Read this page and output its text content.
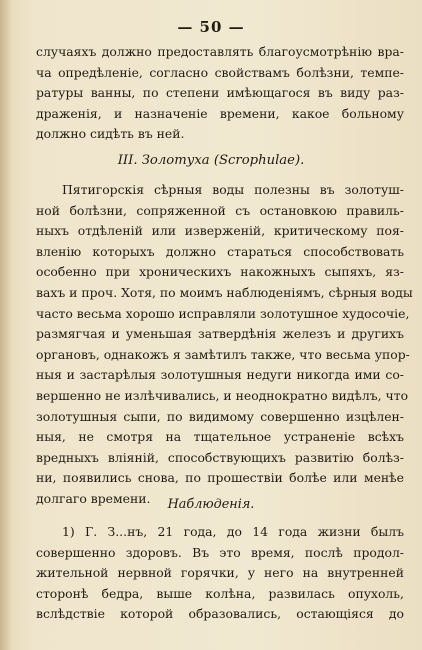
— 50 —
случаяхъ должно предоставлять благоусмотрѣнію вра-
ча опредѣленіе, согласно свойствамъ болѣзни, темпе-
ратуры ванны, по степени имѣющагося въ виду раз-
драженія, и назначеніе времени, какое больному
должно сидѣть въ ней.
III. Золотуха (Scrophulae).
Пятигорскія сѣрныя воды полезны въ золотуш-
ной болѣзни, сопряженной съ остановкою правиль-
ныхъ отдѣленій или изверженій, критическому поя-
вленію которыхъ должно стараться способствовать
особенно при хроническихъ накожныхъ сыпяхъ, яз-
вахъ и проч. Хотя, по моимъ наблюденіямъ, сѣрныя воды
часто весьма хорошо исправляли золотушное худосочіе,
размягчая и уменьшая затвердѣнія железъ и другихъ
органовъ, однакожъ я замѣтилъ также, что весьма упор-
ныя и застарѣлыя золотушныя недуги никогда ими со-
вершенно не излѣчивались, и неоднократно видѣлъ, что
золотушныя сыпи, по видимому совершенно изцѣлен-
ныя, не смотря на тщательное устраненіе всѣхъ
вредныхъ вліяній, способствующихъ развитію болѣз-
ни, появились снова, по прошествіи болѣе или менѣе
долгаго времени.	Наблюденія.
1) Г. З...нъ, 21 года, до 14 года жизни былъ
совершенно здоровъ. Въ это время, послѣ продол-
жительной нервной горячки, у него на внутренней
сторонѣ бедра, выше колѣна, развилась опухоль,
вслѣдствіе которой образовались, остающіяся до
